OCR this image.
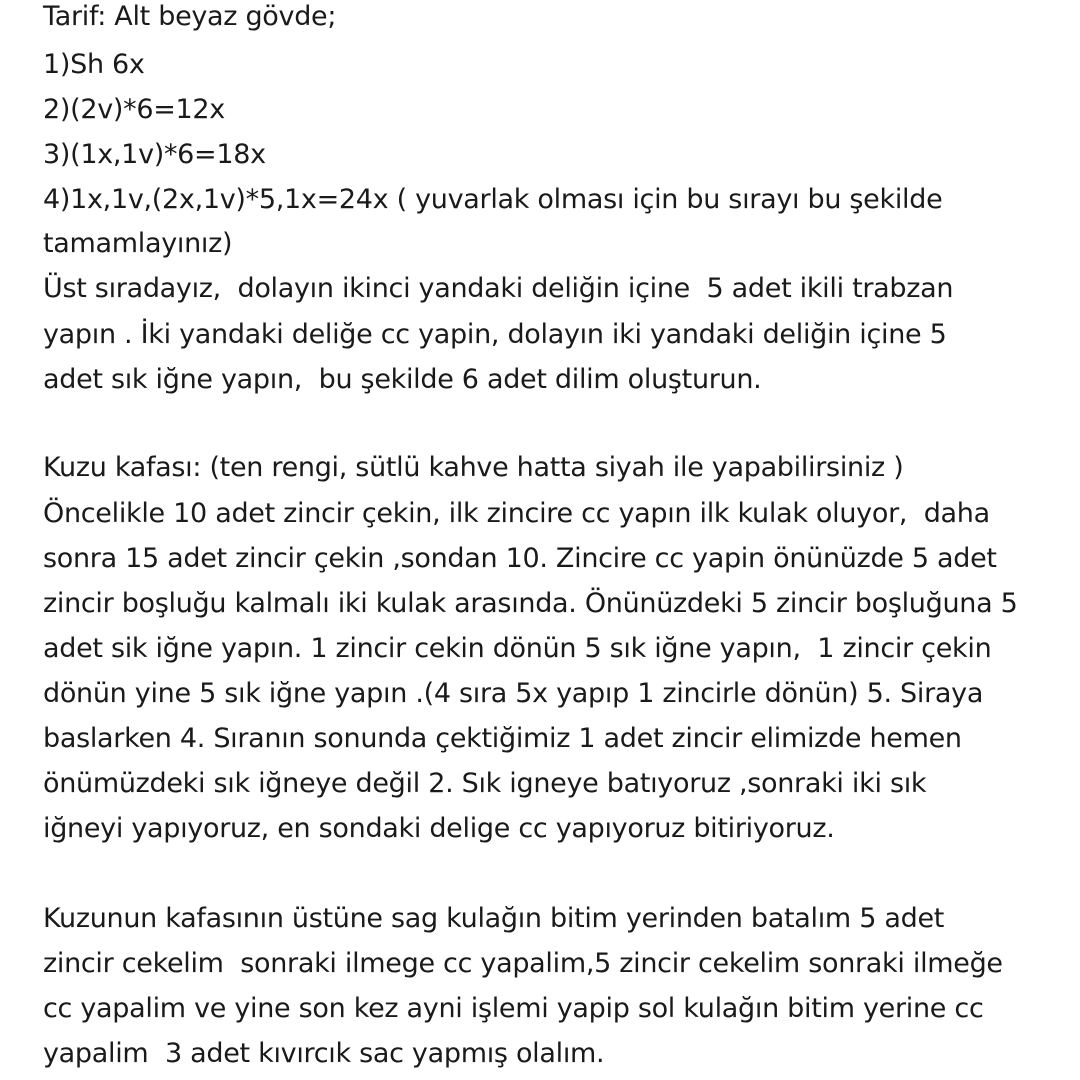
Tarif: Alt beyaz gövde;
1)Sh 6x
2)(2v)*6=12x
3)(1x,1v)*6=18x
4)1x,1v,(2x,1v)*5,1x=24x ( yuvarlak olması için bu sırayı bu şekilde
tamamlayınız)
Üst sıradayız,  dolayın ikinci yandaki deliğin içine  5 adet ikili trabzan
yapın . İki yandaki deliğe cc yapin, dolayın iki yandaki deliğin içine 5
adet sık iğne yapın,  bu şekilde 6 adet dilim oluşturun.
Kuzu kafası: (ten rengi, sütlü kahve hatta siyah ile yapabilirsiniz )
Öncelikle 10 adet zincir çekin, ilk zincire cc yapın ilk kulak oluyor,  daha
sonra 15 adet zincir çekin ,sondan 10. Zincire cc yapin önünüzde 5 adet
zincir boşluğu kalmalı iki kulak arasında. Önünüzdeki 5 zincir boşluğuna 5
adet sik iğne yapın. 1 zincir cekin dönün 5 sık iğne yapın,  1 zincir çekin
dönün yine 5 sık iğne yapın .(4 sıra 5x yapıp 1 zincirle dönün) 5. Siraya
baslarken 4. Sıranın sonunda çektiğimiz 1 adet zincir elimizde hemen
önümüzdeki sık iğneye değil 2. Sık igneye batıyoruz ,sonraki iki sık
iğneyi yapıyoruz, en sondaki delige cc yapıyoruz bitiriyoruz.
Kuzunun kafasının üstüne sag kulağın bitim yerinden batalım 5 adet
zincir cekelim  sonraki ilmege cc yapalim,5 zincir cekelim sonraki ilmeğe
cc yapalim ve yine son kez ayni işlemi yapip sol kulağın bitim yerine cc
yapalim  3 adet kıvırcık sac yapmış olalım.
